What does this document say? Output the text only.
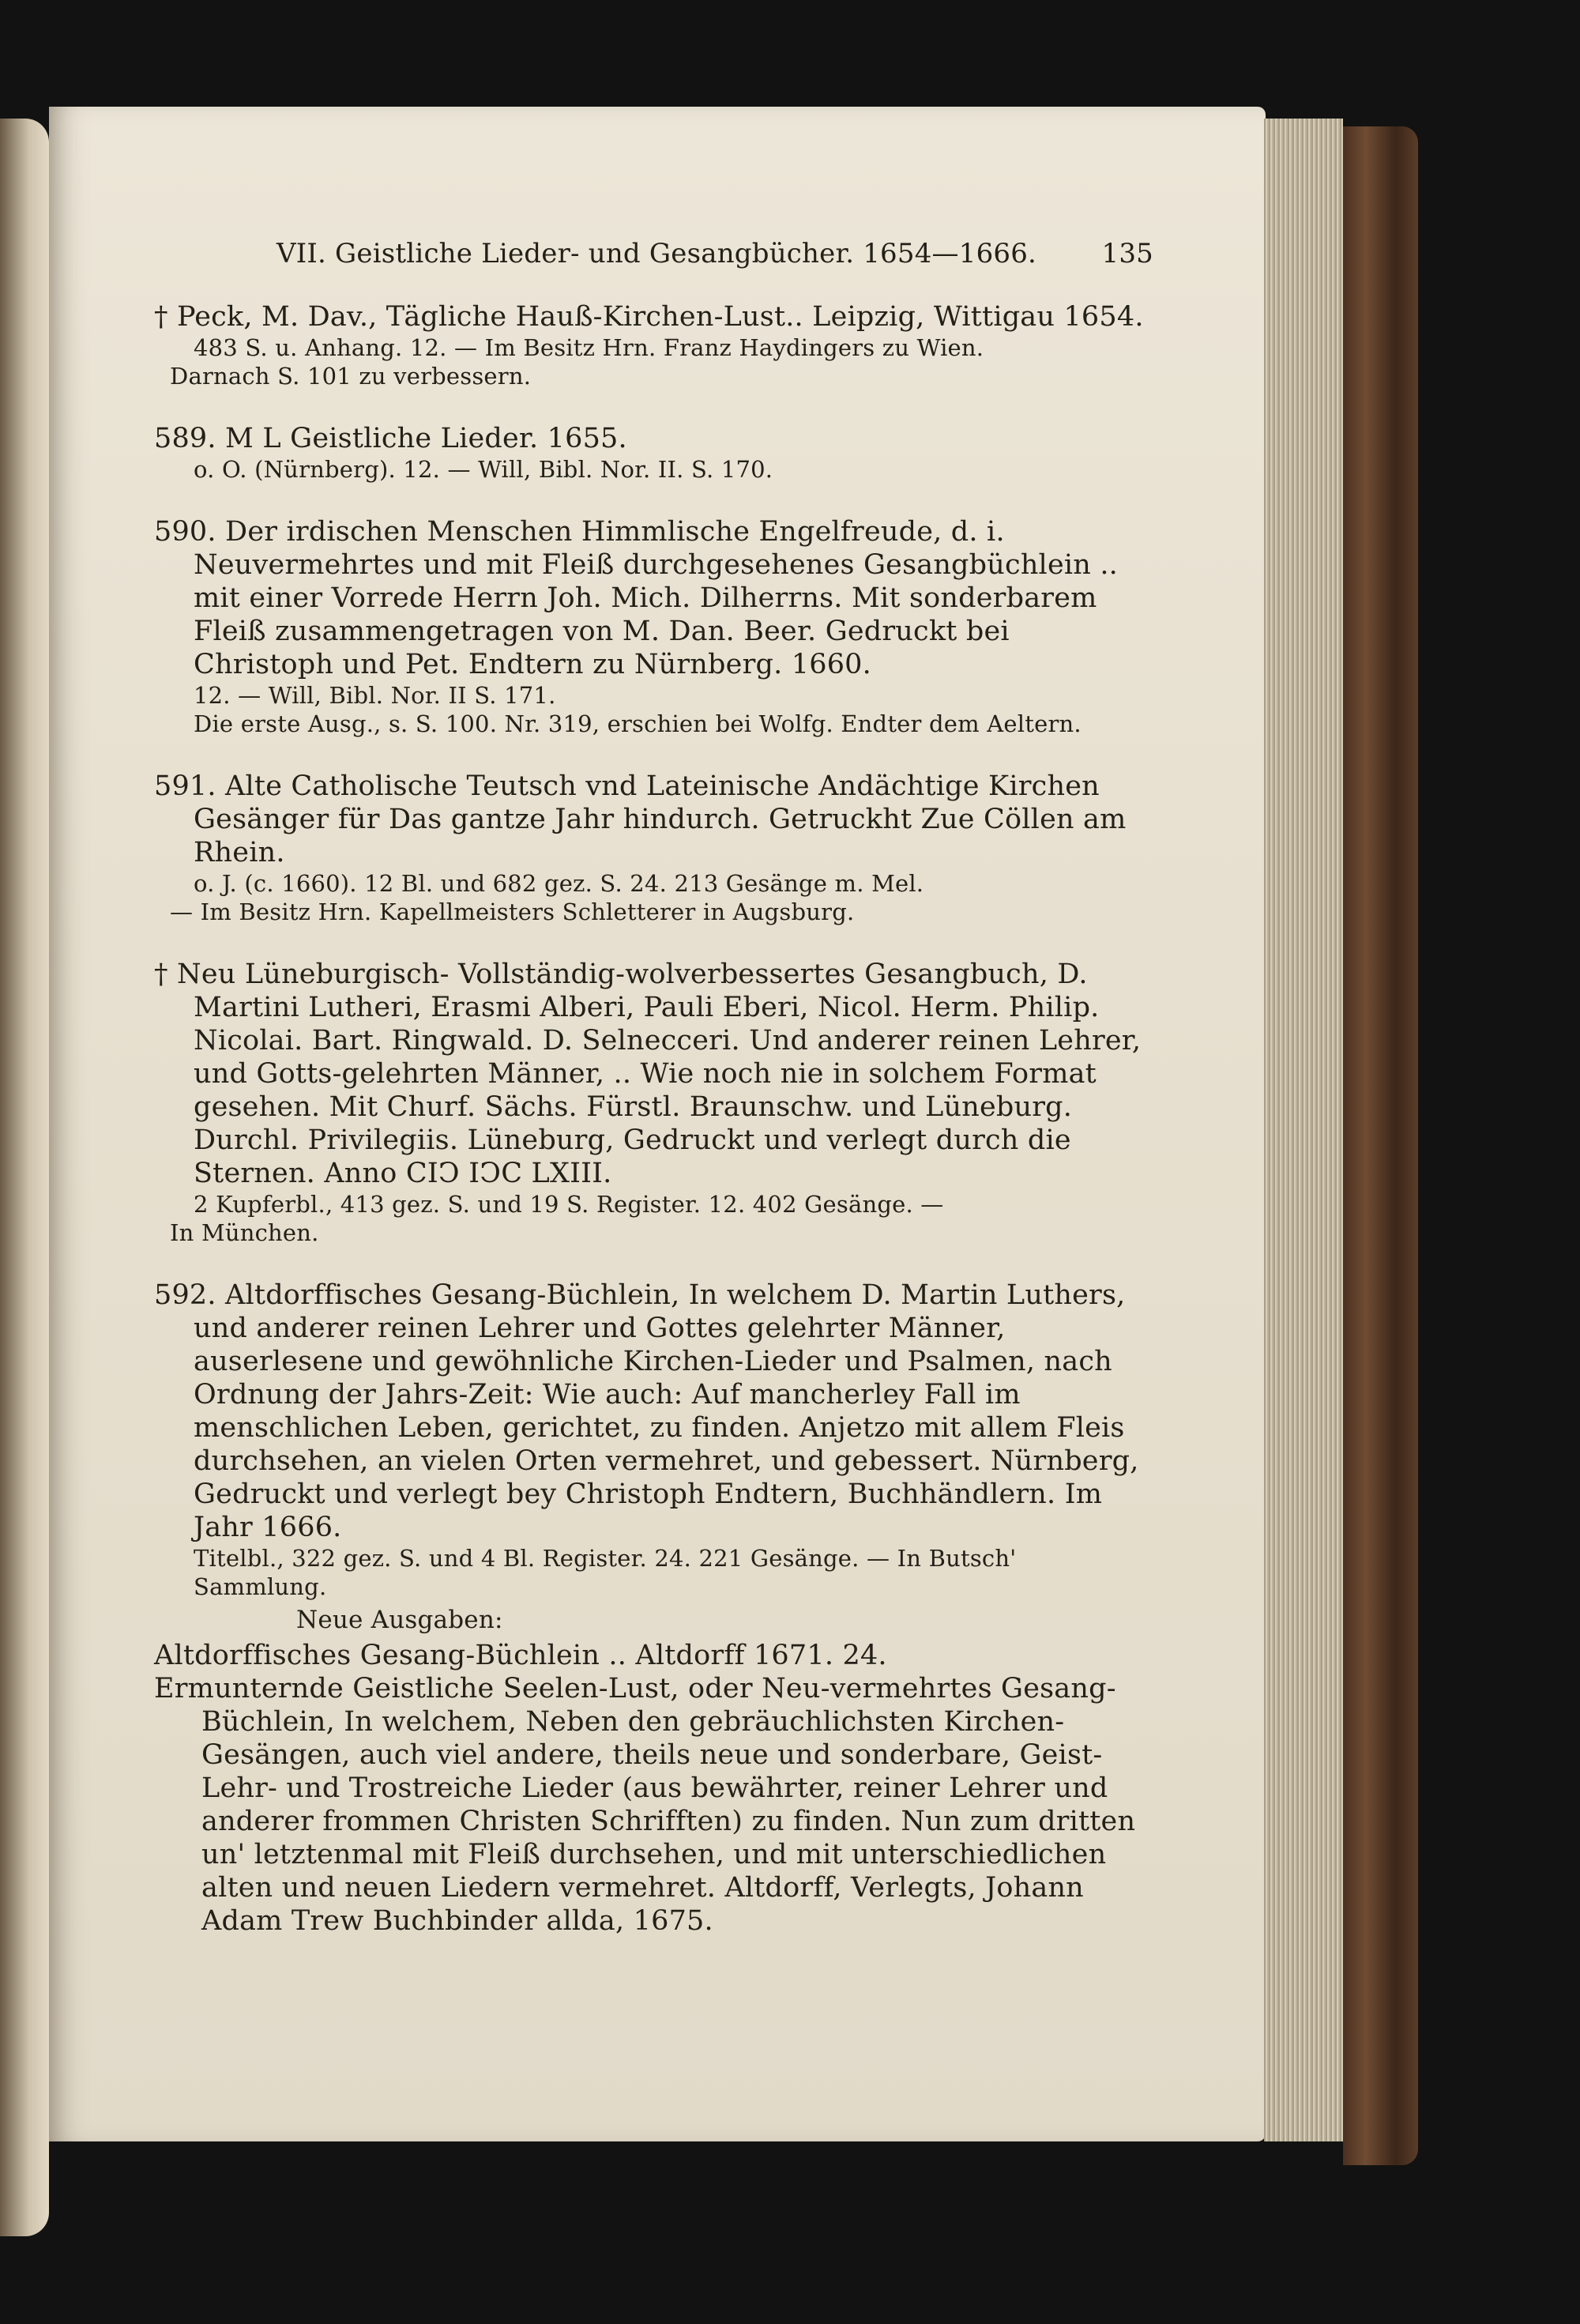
VII. Geistliche Lieder- und Gesangbücher. 1654—1666. 135

† Peck, M. Dav., Tägliche Hauß-Kirchen-Lust.. Leipzig, Wittigau 1654.

483 S. u. Anhang. 12. — Im Besitz Hrn. Franz Haydingers zu Wien.

Darnach S. 101 zu verbessern.

589. M L Geistliche Lieder. 1655.

o. O. (Nürnberg). 12. — Will, Bibl. Nor. II. S. 170.

590. Der irdischen Menschen Himmlische Engelfreude, d. i. Neuvermehrtes und mit Fleiß durchgesehenes Gesangbüchlein .. mit einer Vorrede Herrn Joh. Mich. Dilherrns. Mit sonderbarem Fleiß zusammengetragen von M. Dan. Beer. Gedruckt bei Christoph und Pet. Endtern zu Nürnberg. 1660.

12. — Will, Bibl. Nor. II S. 171.

Die erste Ausg., s. S. 100. Nr. 319, erschien bei Wolfg. Endter dem Aeltern.

591. Alte Catholische Teutsch vnd Lateinische Andächtige Kirchen Gesänger für Das gantze Jahr hindurch. Getruckht Zue Cöllen am Rhein.

o. J. (c. 1660). 12 Bl. und 682 gez. S. 24. 213 Gesänge m. Mel.

— Im Besitz Hrn. Kapellmeisters Schletterer in Augsburg.

† Neu Lüneburgisch- Vollständig-wolverbessertes Gesangbuch, D. Martini Lutheri, Erasmi Alberi, Pauli Eberi, Nicol. Herm. Philip. Nicolai. Bart. Ringwald. D. Selnecceri. Und anderer reinen Lehrer, und Gotts-gelehrten Männer, .. Wie noch nie in solchem Format gesehen. Mit Churf. Sächs. Fürstl. Braunschw. und Lüneburg. Durchl. Privilegiis. Lüneburg, Gedruckt und verlegt durch die Sternen. Anno CIↃ IↃC LXIII.

2 Kupferbl., 413 gez. S. und 19 S. Register. 12. 402 Gesänge. —

In München.

592. Altdorffisches Gesang-Büchlein, In welchem D. Martin Luthers, und anderer reinen Lehrer und Gottes gelehrter Männer, auserlesene und gewöhnliche Kirchen-Lieder und Psalmen, nach Ordnung der Jahrs-Zeit: Wie auch: Auf mancherley Fall im menschlichen Leben, gerichtet, zu finden. Anjetzo mit allem Fleis durchsehen, an vielen Orten vermehret, und gebessert. Nürnberg, Gedruckt und verlegt bey Christoph Endtern, Buchhändlern. Im Jahr 1666.

Titelbl., 322 gez. S. und 4 Bl. Register. 24. 221 Gesänge. — In Butsch' Sammlung.

Neue Ausgaben:

Altdorffisches Gesang-Büchlein .. Altdorff 1671. 24.

Ermunternde Geistliche Seelen-Lust, oder Neu-vermehrtes Gesang-Büchlein, In welchem, Neben den gebräuchlichsten Kirchen-Gesängen, auch viel andere, theils neue und sonderbare, Geist- Lehr- und Trostreiche Lieder (aus bewährter, reiner Lehrer und anderer frommen Christen Schrifften) zu finden. Nun zum dritten un' letztenmal mit Fleiß durchsehen, und mit unterschiedlichen alten und neuen Liedern vermehret. Altdorff, Verlegts, Johann Adam Trew Buchbinder allda, 1675.
